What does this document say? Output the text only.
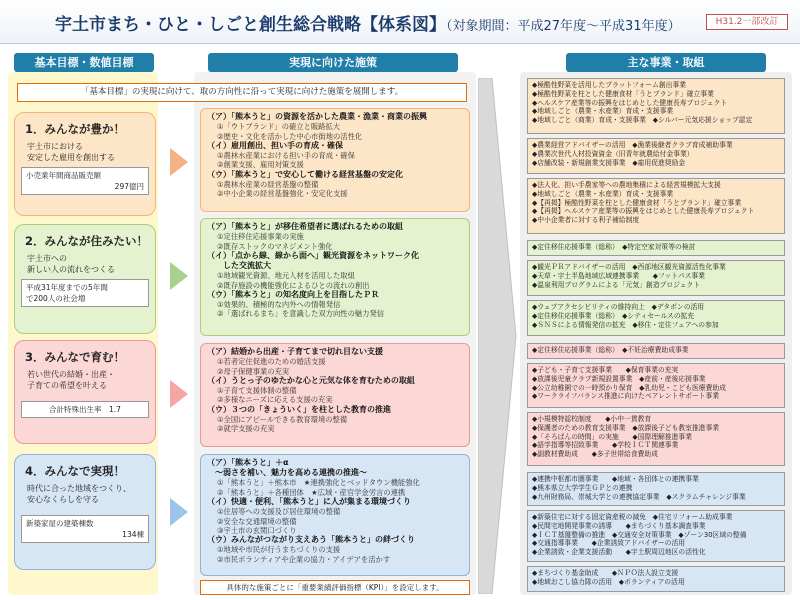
宇土市まち・ひと・しごと創生総合戦略【体系図】（対象期間：平成27年度～平成31年度）	H31.2一部改訂
基本目標・数値目標	実現に向けた施策	主な事業・取組
「基本目標」の実現に向けて、取の方向性に沿って実現に向けた施策を展開します。
1．みんなが豊か！
宇土市における
安定した雇用を創出する
小売業年間商品販売額
297億円
2．みんなが住みたい！
宇土市への
新しい人の流れをつくる
平成31年度までの5年間
で200人の社会増
3．みんなで育む！
若い世代の結婚・出産・
子育ての希望を叶える
合計特殊出生率　1.7
4．みんなで実現！
時代に合った地域をつくり、
安心なくらしを守る
新築家屋の建築棟数
134棟
（ア）「熊本うと」の資源を活かした農業・漁業・商業の振興
①「ウトブランド」の確立と販路拡大
②歴史・文化を活かした中心市街地の活性化
（イ）雇用創出、担い手の育成・確保
①農林水産業における担い手の育成・確保
②創業支援、雇用対策支援
（ウ）「熊本うと」で安心して働ける経営基盤の安定化
①農林水産業の経営基盤の整備
②中小企業の経営基盤強化・安定化支援
（ア）「熊本うと」が移住希望者に選ばれるための取組
①定住移住応援事業の実施
②既存ストックのマネジメント強化
（イ）「点から線、線から面へ」観光資源をネットワーク化
　　した交流拡大
①地域観光資源、地元人材を活用した取組
②既存施設の機能強化によるひとの流れの創出
（ウ）「熊本うと」の知名度向上を目指したＰＲ
①効果的、積極的な内外への情報発信
②「選ばれるまち」を意識した双方向性の魅力発信
（ア）結婚から出産・子育てまで切れ目ない支援
①若者定住促進のための婚活支援
②母子保健事業の充実
（イ）うとっ子のゆたかな心と元気な体を育むための取組
①子育て支援体制の整備
②多様なニーズに応える支援の充実
（ウ）３つの「きょういく」を柱とした教育の推進
①全国にアピールできる教育環境の整備
②就学支援の充実
（ア）「熊本うと」＋α
　～弱さを補い、魅力を高める連携の推進～
①「熊本うと」＋熊本市　★連携強化とベッドタウン機能強化
②「熊本うと」＋各種団体　★広域・産官学金労言の連携
（イ）快適・便利、「熊本うと」に人が集まる環境づくり
①住居等への支援及び居住環境の整備
②安全な交通環境の整備
③宇土市の玄関口づくり
（ウ）みんながつながり支えあう「熊本うと」の絆づくり
①地域や市民が行うまちづくりの支援
②市民ボランティアや企業の協力・アイデアを活かす
具体的な施策ごとに「重要業績評価指標（KPI）」を設定します。
◆極酷性野菜を活用したプラットフォーム創出事業
◆極酷性野菜を柱とした健康食材「うとブランド」確立事業
◆ヘルスケア産業等の振興をはじめとした健康長寿プロジェクト
◆地域しごと（農業・水産業）育成・支援事業
◆地域しごと（商業）育成・支援事業　◆シルバー元気応援ショップ認定
◆農業経営アドバイザーの活用　◆漁業後継者クラブ育成補助事業
◆農業次世代人材投資資金（旧青年就農給付金事業）
◆店舗改装・新規創業支援事業　◆雇用促進奨励金
◆法人化、担い手農家等への農地集積による経営規模拡大支援
◆地域しごと（農業・水産業）育成・支援事業
◆【再掲】極酷性野菜を柱とした健康食材「うとブランド」確立事業
◆【再掲】ヘルスケア産業等の振興をはじめとした健康長寿プロジェクト
◆中小企業者に対する利子補給制度
◆定住移住応援事業（総称）　◆特定空家対策等の検討
◆観光ＰＲアドバイザーの活用　◆西部地区観光資源活性化事業
◆天草・宇土半島地域広域連携事業　　◆フットパス事業
◆温泉利用プログラムによる「元気」創造プロジェクト
◆ウェブアクセシビリティの維持向上　◆デタポンの活用
◆定住移住応援事業（総称）　◆シティセールスの拡充
◆ＳＮＳによる情報発信の拡充　◆移住・定住フェアへの参加
◆定住移住応援事業（総称）　◆不妊治療費助成事業
◆子ども・子育て支援事業　　◆保育事業の充実
◆放課後児童クラブ新規設置事業　◆産前・産後応援事業
◆公立幼稚園での一時預かり保育　◆乳幼児・こども医療費助成
◆ワークライフバランス推進に向けたペアレントサポート事業
◆小規模特認校制度　　◆小中一貫教育
◆保護者のための教育支援事業　◆放課後子ども教室推進事業
◆「そろばんの時間」の実施　　◆国際理解推進事業
◆語学指導等招致事業　　◆学校ＩＣＴ関連事業
◆副教材費助成　　◆多子世帯給食費助成
◆連携中枢都市圏事業　　◆地域・各団体との連携事業
◆熊本県立大学学生ＧＰとの連携
◆九州財務局、崇城大学との連携協定事業　◆スクラムチャレンジ事業
◆新築住宅に対する固定資産税の減免　◆住宅リフォーム助成事業
◆民間宅地開発事業の誘導　　◆まちづくり基本調査事業
◆ＩＣＴ基盤整備の推進　◆交通安全対策事業　◆ゾーン30区域の整備
◆交通指導事業　　◆企業誘致アドバイザーの活用
◆企業誘致・企業支援活動　　◆宇土駅周辺地区の活性化
◆まちづくり基金助成　　◆ＮＰＯ法人設立支援
◆地域おこし協力隊の活用　◆ボランティアの活用
